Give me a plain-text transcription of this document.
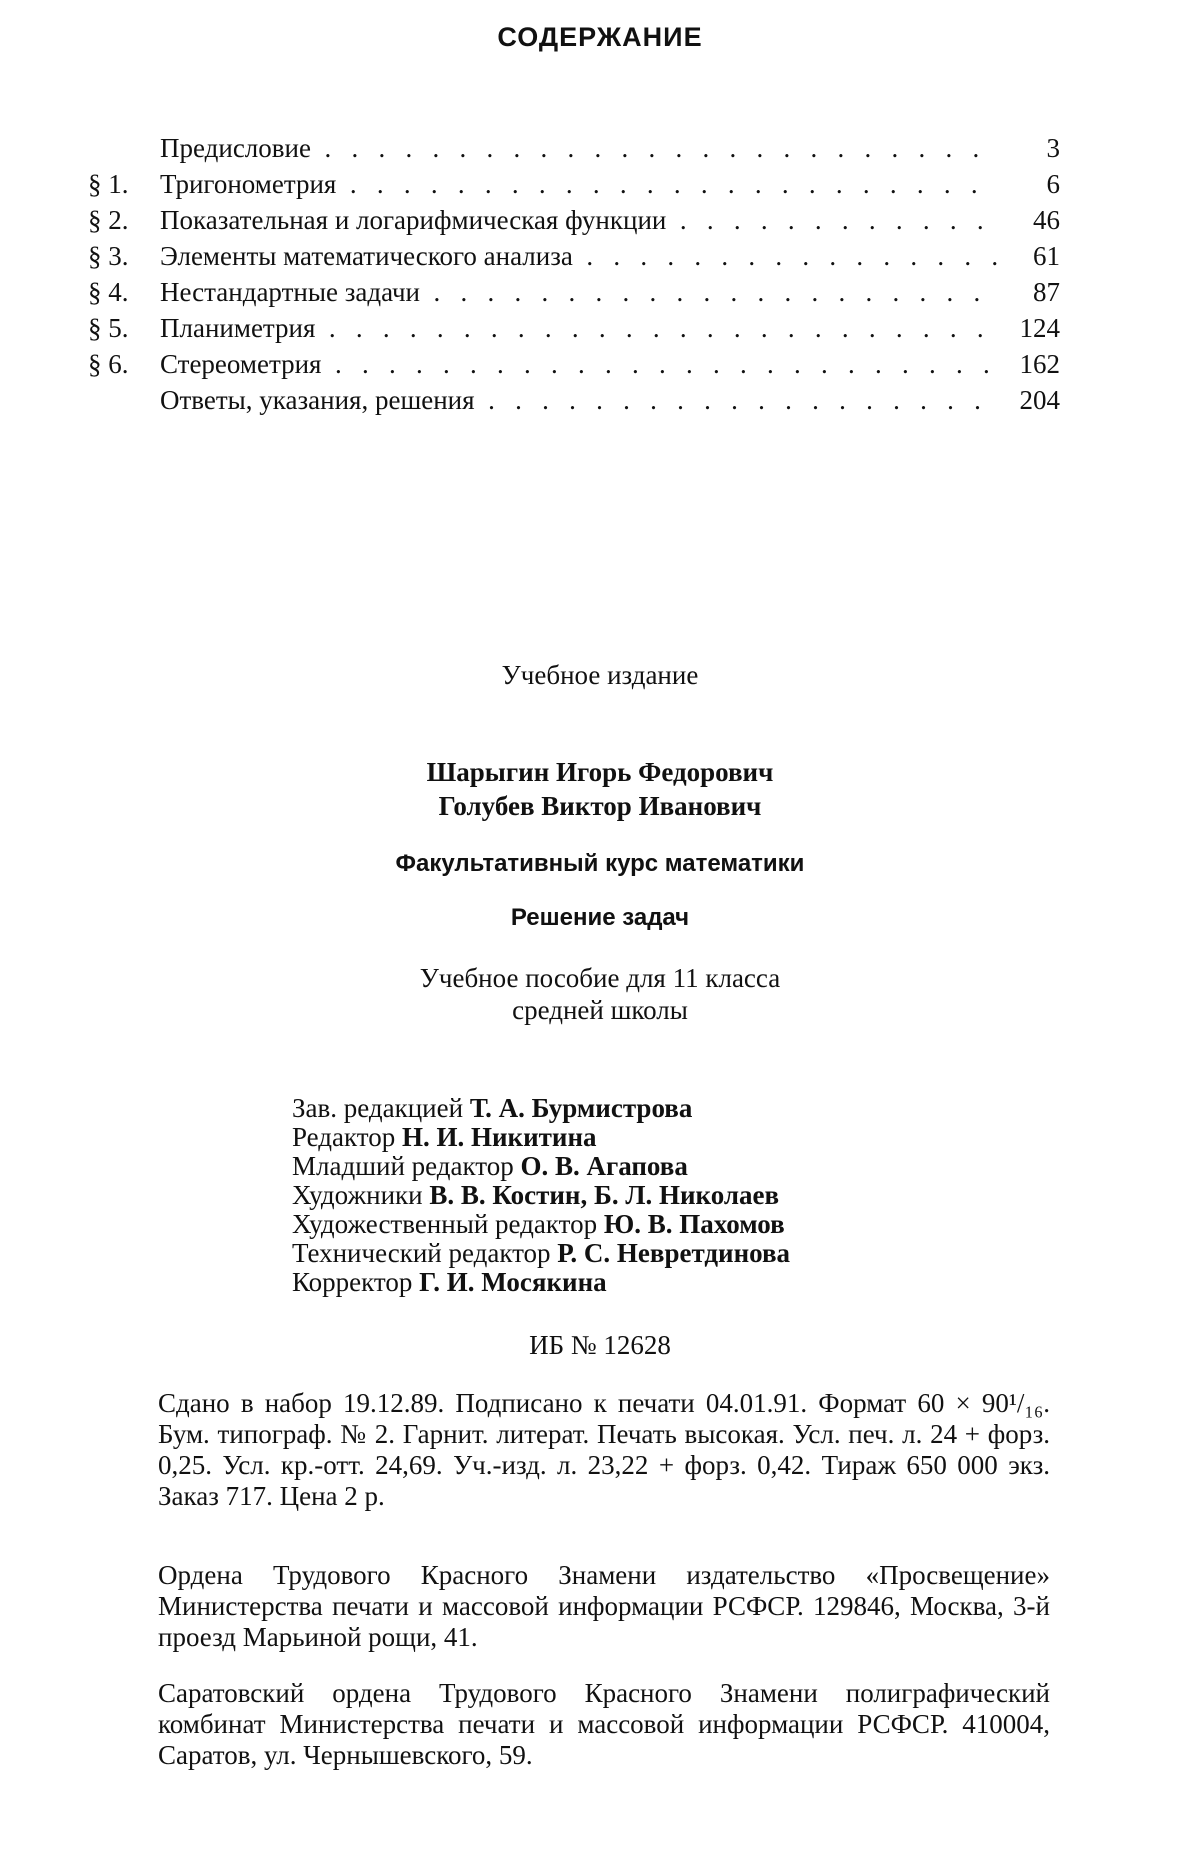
СОДЕРЖАНИЕ
Предисловие . . . . . . . . . . . . . . . . . . . . . . . . .	3
§ 1.	Тригонометрия . . . . . . . . . . . . . . . . . . . . . . . .	6
§ 2.	Показательная и логарифмическая функции . . . . . . . . . . . .	46
§ 3.	Элементы математического анализа . . . . . . . . . . . . . . .	61
§ 4.	Нестандартные задачи . . . . . . . . . . . . . . . . . . . . .	87
§ 5.	Планиметрия . . . . . . . . . . . . . . . . . . . . . . . . .	124
§ 6.	Стереометрия . . . . . . . . . . . . . . . . . . . . . . . . . 162
Ответы, указания, решения . . . . . . . . . . . . . . . . . . .	204
Учебное издание
Шарыгин Игорь Федорович
Голубев Виктор Иванович
Факультативный курс математики
Решение задач
Учебное пособие для 11 класса
средней школы
Зав. редакцией Т. А. Бурмистрова
Редактор Н. И. Никитина
Младший редактор О. В. Агапова
Художники В. В. Костин, Б. Л. Николаев
Художественный редактор Ю. В. Пахомов
Технический редактор Р. С. Невретдинова
Корректор Г. И. Мосякина
ИБ № 12628
Сдано в набор 19.12.89. Подписано к печати 04.01.91. Формат 60 × 90¹/₁₆. Бум. типограф. № 2. Гарнит. литерат. Печать высокая. Усл. печ. л. 24 + форз. 0,25. Усл. кр.-отт. 24,69. Уч.-изд. л. 23,22 + форз. 0,42. Тираж 650 000 экз. Заказ 717. Цена 2 р.
Ордена Трудового Красного Знамени издательство «Просвещение» Министерства печати и массовой информации РСФСР. 129846, Москва, 3-й проезд Марьиной рощи, 41.
Саратовский ордена Трудового Красного Знамени полиграфический комбинат Министерства печати и массовой информации РСФСР. 410004, Саратов, ул. Чернышевского, 59.
